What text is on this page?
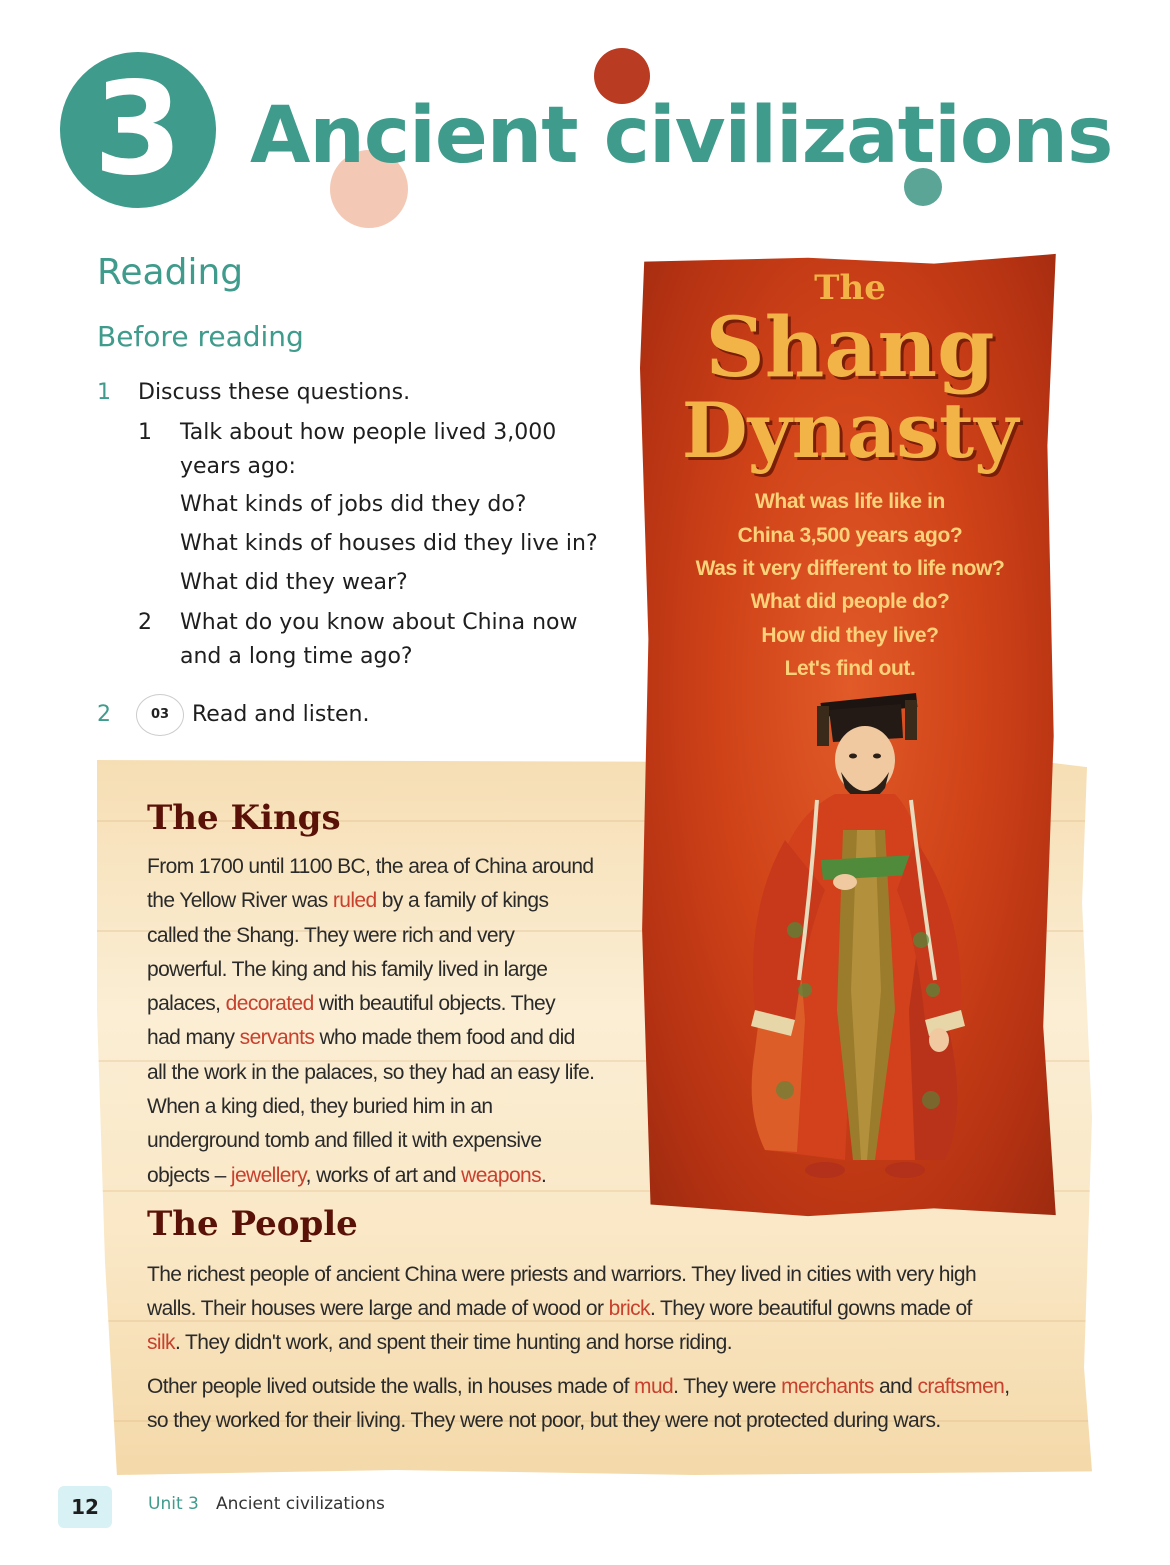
3 Ancient civilizations
Reading
Before reading
1 Discuss these questions.
1 Talk about how people lived 3,000
years ago:
What kinds of jobs did they do?
What kinds of houses did they live in?
What did they wear?
2 What do you know about China now
and a long time ago?
2	03	Read and listen.
The
Shang
Dynasty
What was life like in
China 3,500 years ago?
Was it very different to life now?
What did people do?
How did they live?
Let's find out.
The Kings
From 1700 until 1100 BC, the area of China around
the Yellow River was ruled by a family of kings
called the Shang. They were rich and very
powerful. The king and his family lived in large
palaces, decorated with beautiful objects. They
had many servants who made them food and did
all the work in the palaces, so they had an easy life.
When a king died, they buried him in an
underground tomb and filled it with expensive
objects – jewellery, works of art and weapons.
The People
The richest people of ancient China were priests and warriors. They lived in cities with very high
walls. Their houses were large and made of wood or brick. They wore beautiful gowns made of
silk. They didn't work, and spent their time hunting and horse riding.
Other people lived outside the walls, in houses made of mud. They were merchants and craftsmen,
so they worked for their living. They were not poor, but they were not protected during wars.
12	Unit 3 Ancient civilizations
